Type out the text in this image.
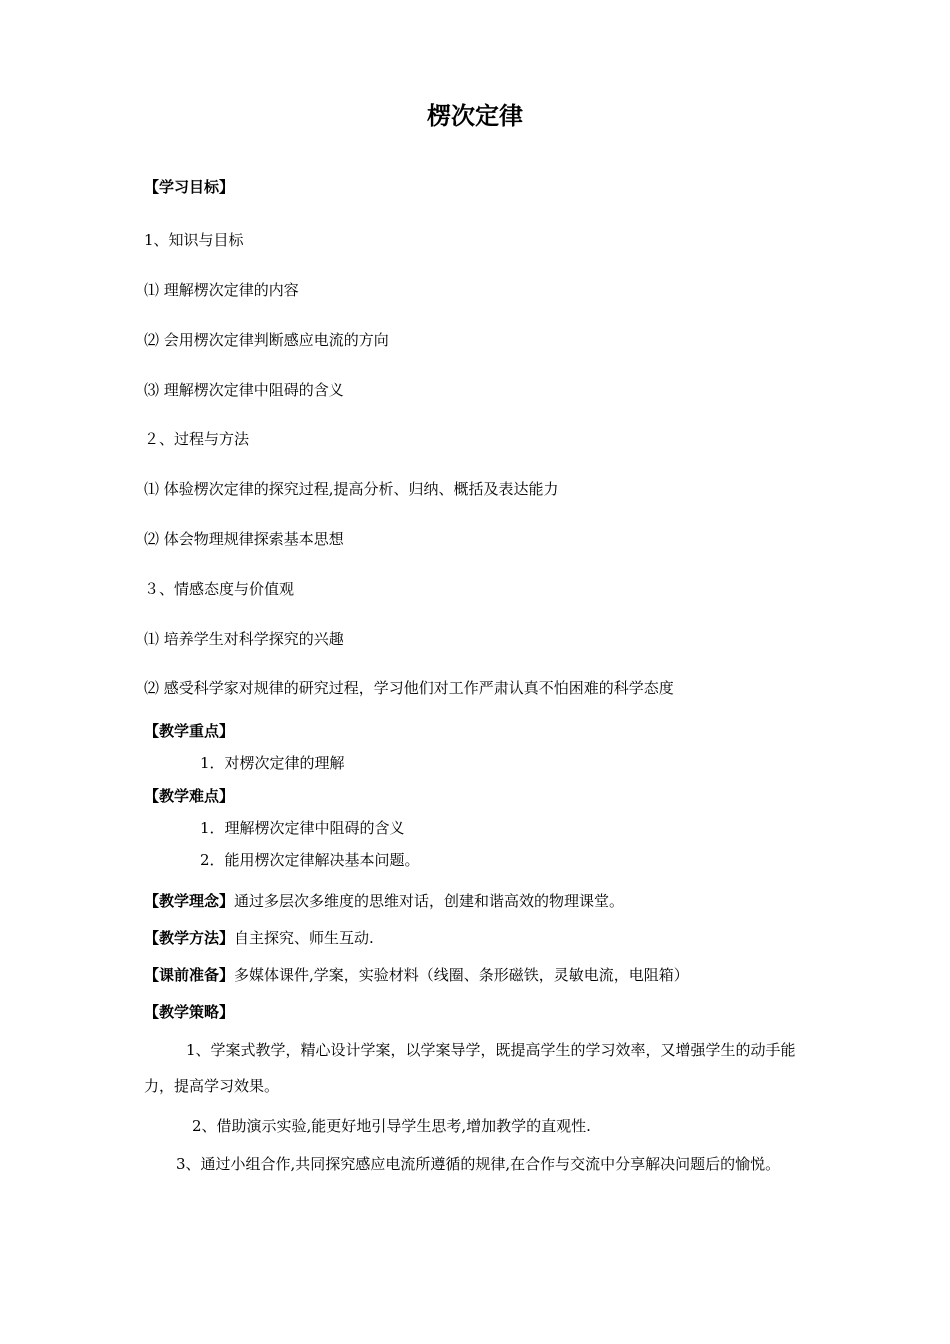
楞次定律
【学习目标】
1、知识与目标
⑴ 理解楞次定律的内容
⑵ 会用楞次定律判断感应电流的方向
⑶ 理解楞次定律中阻碍的含义
２、过程与方法
⑴ 体验楞次定律的探究过程,提高分析、归纳、概括及表达能力
⑵ 体会物理规律探索基本思想
３、情感态度与价值观
⑴ 培养学生对科学探究的兴趣
⑵ 感受科学家对规律的研究过程，学习他们对工作严肃认真不怕困难的科学态度
【教学重点】
1．对楞次定律的理解
【教学难点】
1．理解楞次定律中阻碍的含义
2．能用楞次定律解决基本问题。
【教学理念】通过多层次多维度的思维对话，创建和谐高效的物理课堂。
【教学方法】自主探究、师生互动.
【课前准备】多媒体课件,学案，实验材料（线圈、条形磁铁，灵敏电流，电阻箱）
【教学策略】
1、学案式教学，精心设计学案，以学案导学，既提高学生的学习效率，又增强学生的动手能力，提高学习效果。
2、借助演示实验,能更好地引导学生思考,增加教学的直观性.
3、通过小组合作,共同探究感应电流所遵循的规律,在合作与交流中分享解决问题后的愉悦。
